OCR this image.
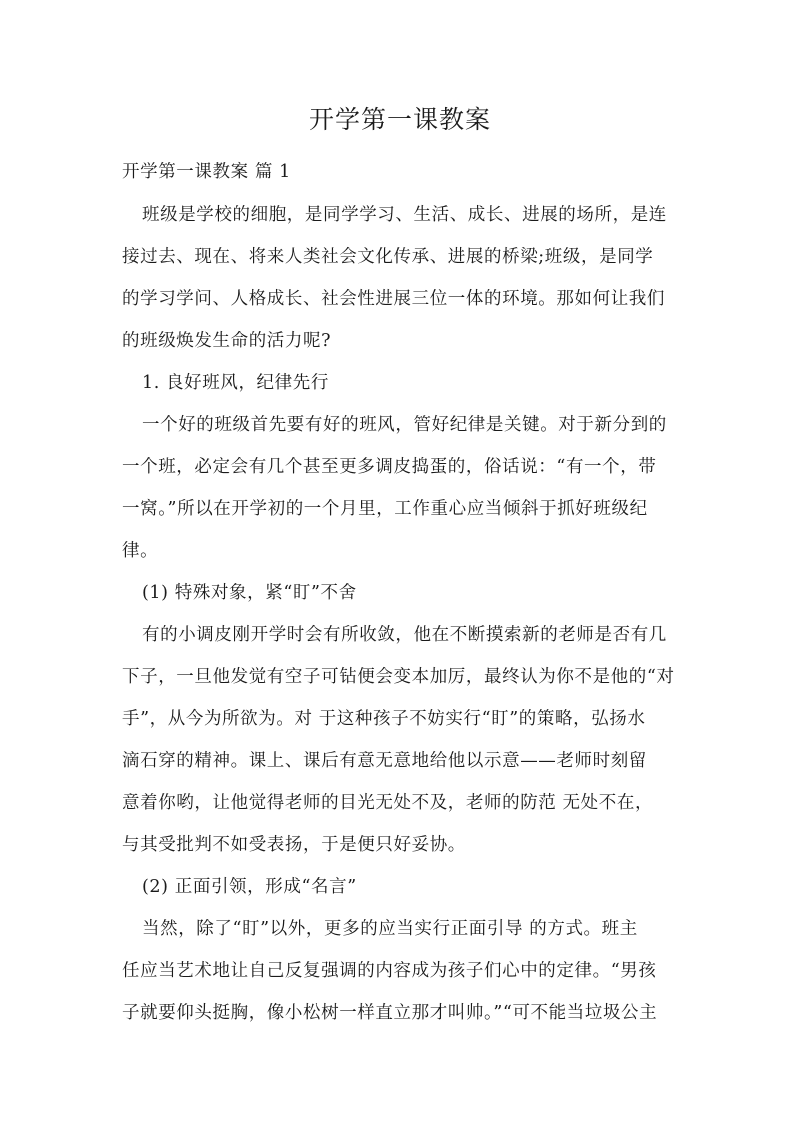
开学第一课教案
开学第一课教案 篇 1
班级是学校的细胞，是同学学习、生活、成长、进展的场所，是连
接过去、现在、将来人类社会文化传承、进展的桥梁;班级，是同学
的学习学问、人格成长、社会性进展三位一体的环境。那如何让我们
的班级焕发生命的活力呢?
1. 良好班风，纪律先行
一个好的班级首先要有好的班风，管好纪律是关键。对于新分到的
一个班，必定会有几个甚至更多调皮捣蛋的，俗话说：“有一个，带
一窝。”所以在开学初的一个月里，工作重心应当倾斜于抓好班级纪
律。
(1) 特殊对象，紧“盯”不舍
有的小调皮刚开学时会有所收敛，他在不断摸索新的老师是否有几
下子，一旦他发觉有空子可钻便会变本加厉，最终认为你不是他的“对
手”，从今为所欲为。对 于这种孩子不妨实行“盯”的策略，弘扬水
滴石穿的精神。课上、课后有意无意地给他以示意——老师时刻留
意着你哟，让他觉得老师的目光无处不及，老师的防范 无处不在，
与其受批判不如受表扬，于是便只好妥协。
(2) 正面引领，形成“名言”
当然，除了“盯”以外，更多的应当实行正面引导 的方式。班主
任应当艺术地让自己反复强调的内容成为孩子们心中的定律。“男孩
子就要仰头挺胸，像小松树一样直立那才叫帅。”“可不能当垃圾公主
